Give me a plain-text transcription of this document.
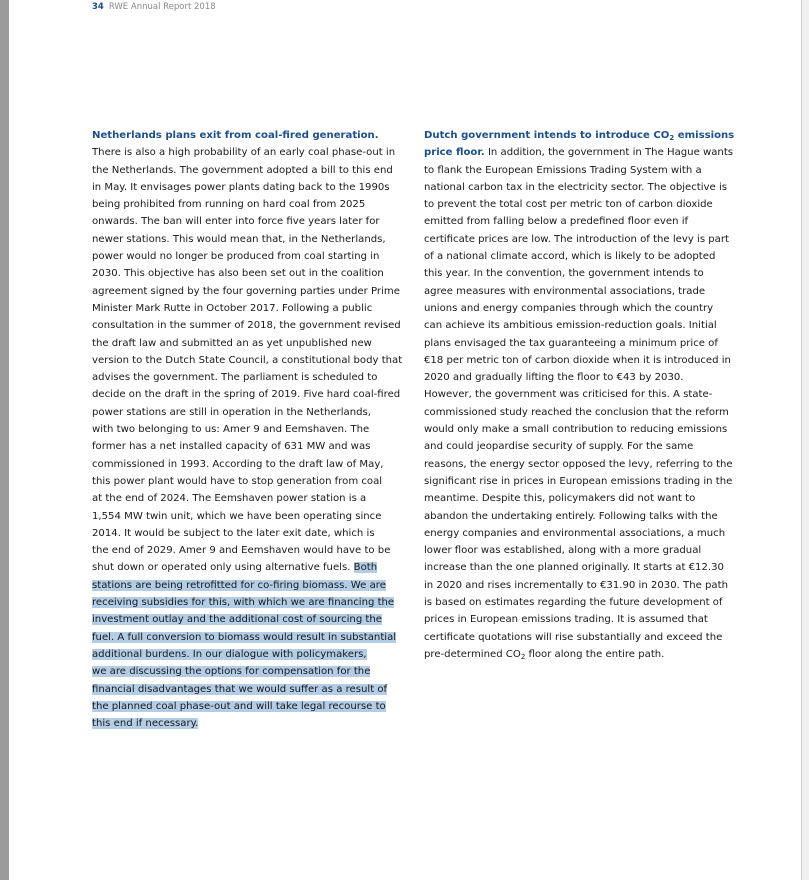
34 RWE Annual Report 2018
Netherlands plans exit from coal-fired generation.
There is also a high probability of an early coal phase-out in
the Netherlands. The government adopted a bill to this end
in May. It envisages power plants dating back to the 1990s
being prohibited from running on hard coal from 2025
onwards. The ban will enter into force five years later for
newer stations. This would mean that, in the Netherlands,
power would no longer be produced from coal starting in
2030. This objective has also been set out in the coalition
agreement signed by the four governing parties under Prime
Minister Mark Rutte in October 2017. Following a public
consultation in the summer of 2018, the government revised
the draft law and submitted an as yet unpublished new
version to the Dutch State Council, a constitutional body that
advises the government. The parliament is scheduled to
decide on the draft in the spring of 2019. Five hard coal-fired
power stations are still in operation in the Netherlands,
with two belonging to us: Amer 9 and Eemshaven. The
former has a net installed capacity of 631 MW and was
commissioned in 1993. According to the draft law of May,
this power plant would have to stop generation from coal
at the end of 2024. The Eemshaven power station is a
1,554 MW twin unit, which we have been operating since
2014. It would be subject to the later exit date, which is
the end of 2029. Amer 9 and Eemshaven would have to be
shut down or operated only using alternative fuels. Both
stations are being retrofitted for co-firing biomass. We are
receiving subsidies for this, with which we are financing the
investment outlay and the additional cost of sourcing the
fuel. A full conversion to biomass would result in substantial
additional burdens. In our dialogue with policymakers,
we are discussing the options for compensation for the
financial disadvantages that we would suffer as a result of
the planned coal phase-out and will take legal recourse to
this end if necessary.
Dutch government intends to introduce $CO_2$ emissions
price floor. In addition, the government in The Hague wants
to flank the European Emissions Trading System with a
national carbon tax in the electricity sector. The objective is
to prevent the total cost per metric ton of carbon dioxide
emitted from falling below a predefined floor even if
certificate prices are low. The introduction of the levy is part
of a national climate accord, which is likely to be adopted
this year. In the convention, the government intends to
agree measures with environmental associations, trade
unions and energy companies through which the country
can achieve its ambitious emission-reduction goals. Initial
plans envisaged the tax guaranteeing a minimum price of
€18 per metric ton of carbon dioxide when it is introduced in
2020 and gradually lifting the floor to €43 by 2030.
However, the government was criticised for this. A state-
commissioned study reached the conclusion that the reform
would only make a small contribution to reducing emissions
and could jeopardise security of supply. For the same
reasons, the energy sector opposed the levy, referring to the
significant rise in prices in European emissions trading in the
meantime. Despite this, policymakers did not want to
abandon the undertaking entirely. Following talks with the
energy companies and environmental associations, a much
lower floor was established, along with a more gradual
increase than the one planned originally. It starts at €12.30
in 2020 and rises incrementally to €31.90 in 2030. The path
is based on estimates regarding the future development of
prices in European emissions trading. It is assumed that
certificate quotations will rise substantially and exceed the
pre-determined $CO_2$ floor along the entire path.
